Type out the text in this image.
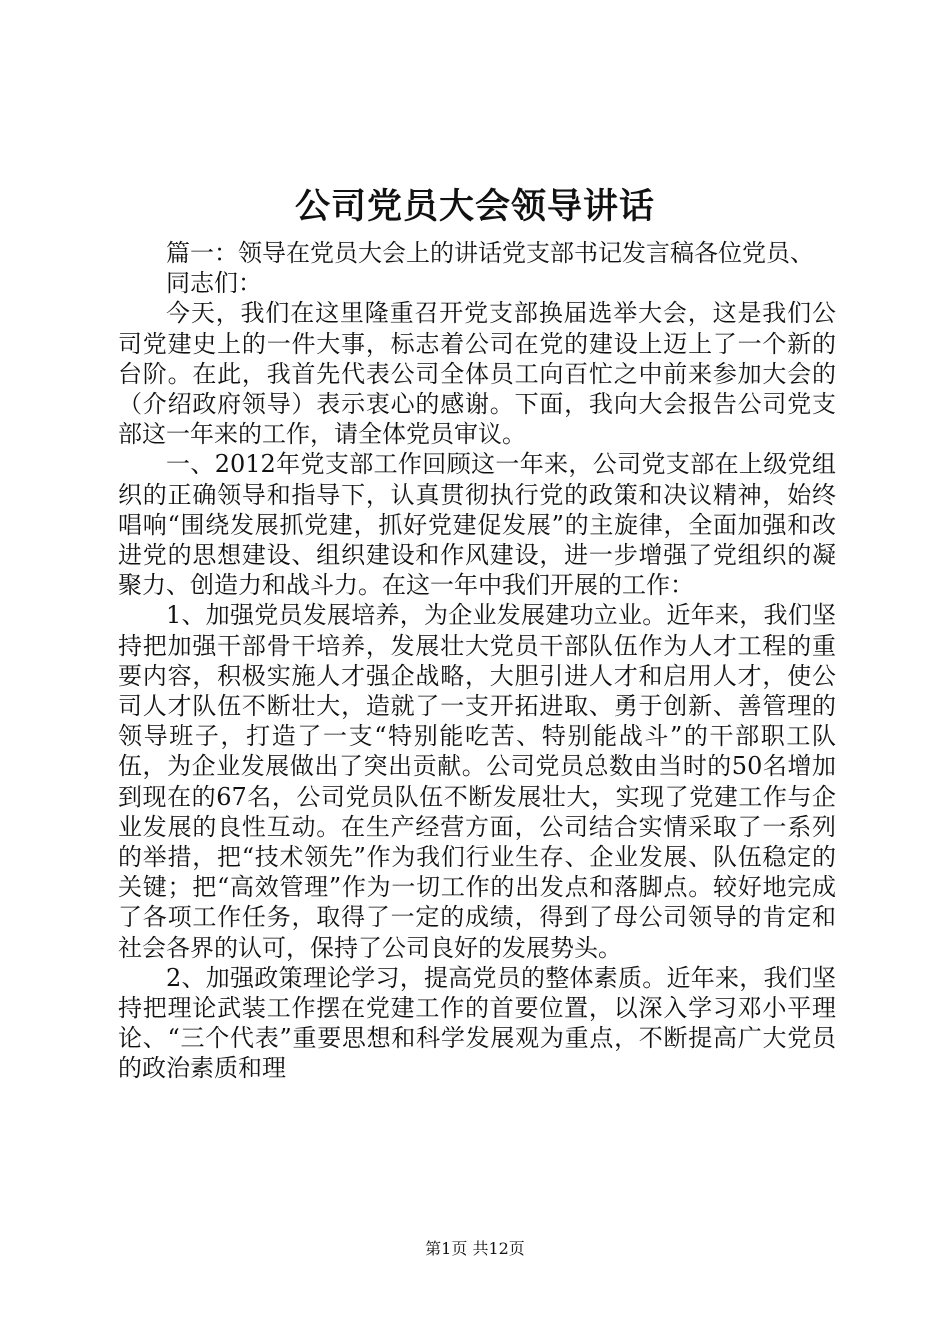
公司党员大会领导讲话

篇一：领导在党员大会上的讲话党支部书记发言稿各位党员、

同志们：

今天，我们在这里隆重召开党支部换届选举大会，这是我们公司党建史上的一件大事，标志着公司在党的建设上迈上了一个新的台阶。在此，我首先代表公司全体员工向百忙之中前来参加大会的（介绍政府领导）表示衷心的感谢。下面，我向大会报告公司党支部这一年来的工作，请全体党员审议。

一、2012年党支部工作回顾这一年来，公司党支部在上级党组织的正确领导和指导下，认真贯彻执行党的政策和决议精神，始终唱响“围绕发展抓党建，抓好党建促发展”的主旋律，全面加强和改进党的思想建设、组织建设和作风建设，进一步增强了党组织的凝聚力、创造力和战斗力。在这一年中我们开展的工作：

1、加强党员发展培养，为企业发展建功立业。近年来，我们坚持把加强干部骨干培养，发展壮大党员干部队伍作为人才工程的重要内容，积极实施人才强企战略，大胆引进人才和启用人才，使公司人才队伍不断壮大，造就了一支开拓进取、勇于创新、善管理的领导班子，打造了一支“特别能吃苦、特别能战斗”的干部职工队伍，为企业发展做出了突出贡献。公司党员总数由当时的50名增加到现在的67名，公司党员队伍不断发展壮大，实现了党建工作与企业发展的良性互动。在生产经营方面，公司结合实情采取了一系列的举措，把“技术领先”作为我们行业生存、企业发展、队伍稳定的关键；把“高效管理”作为一切工作的出发点和落脚点。较好地完成了各项工作任务，取得了一定的成绩，得到了母公司领导的肯定和社会各界的认可，保持了公司良好的发展势头。

2、加强政策理论学习，提高党员的整体素质。近年来，我们坚持把理论武装工作摆在党建工作的首要位置，以深入学习邓小平理论、“三个代表”重要思想和科学发展观为重点，不断提高广大党员的政治素质和理

第1页 共12页
